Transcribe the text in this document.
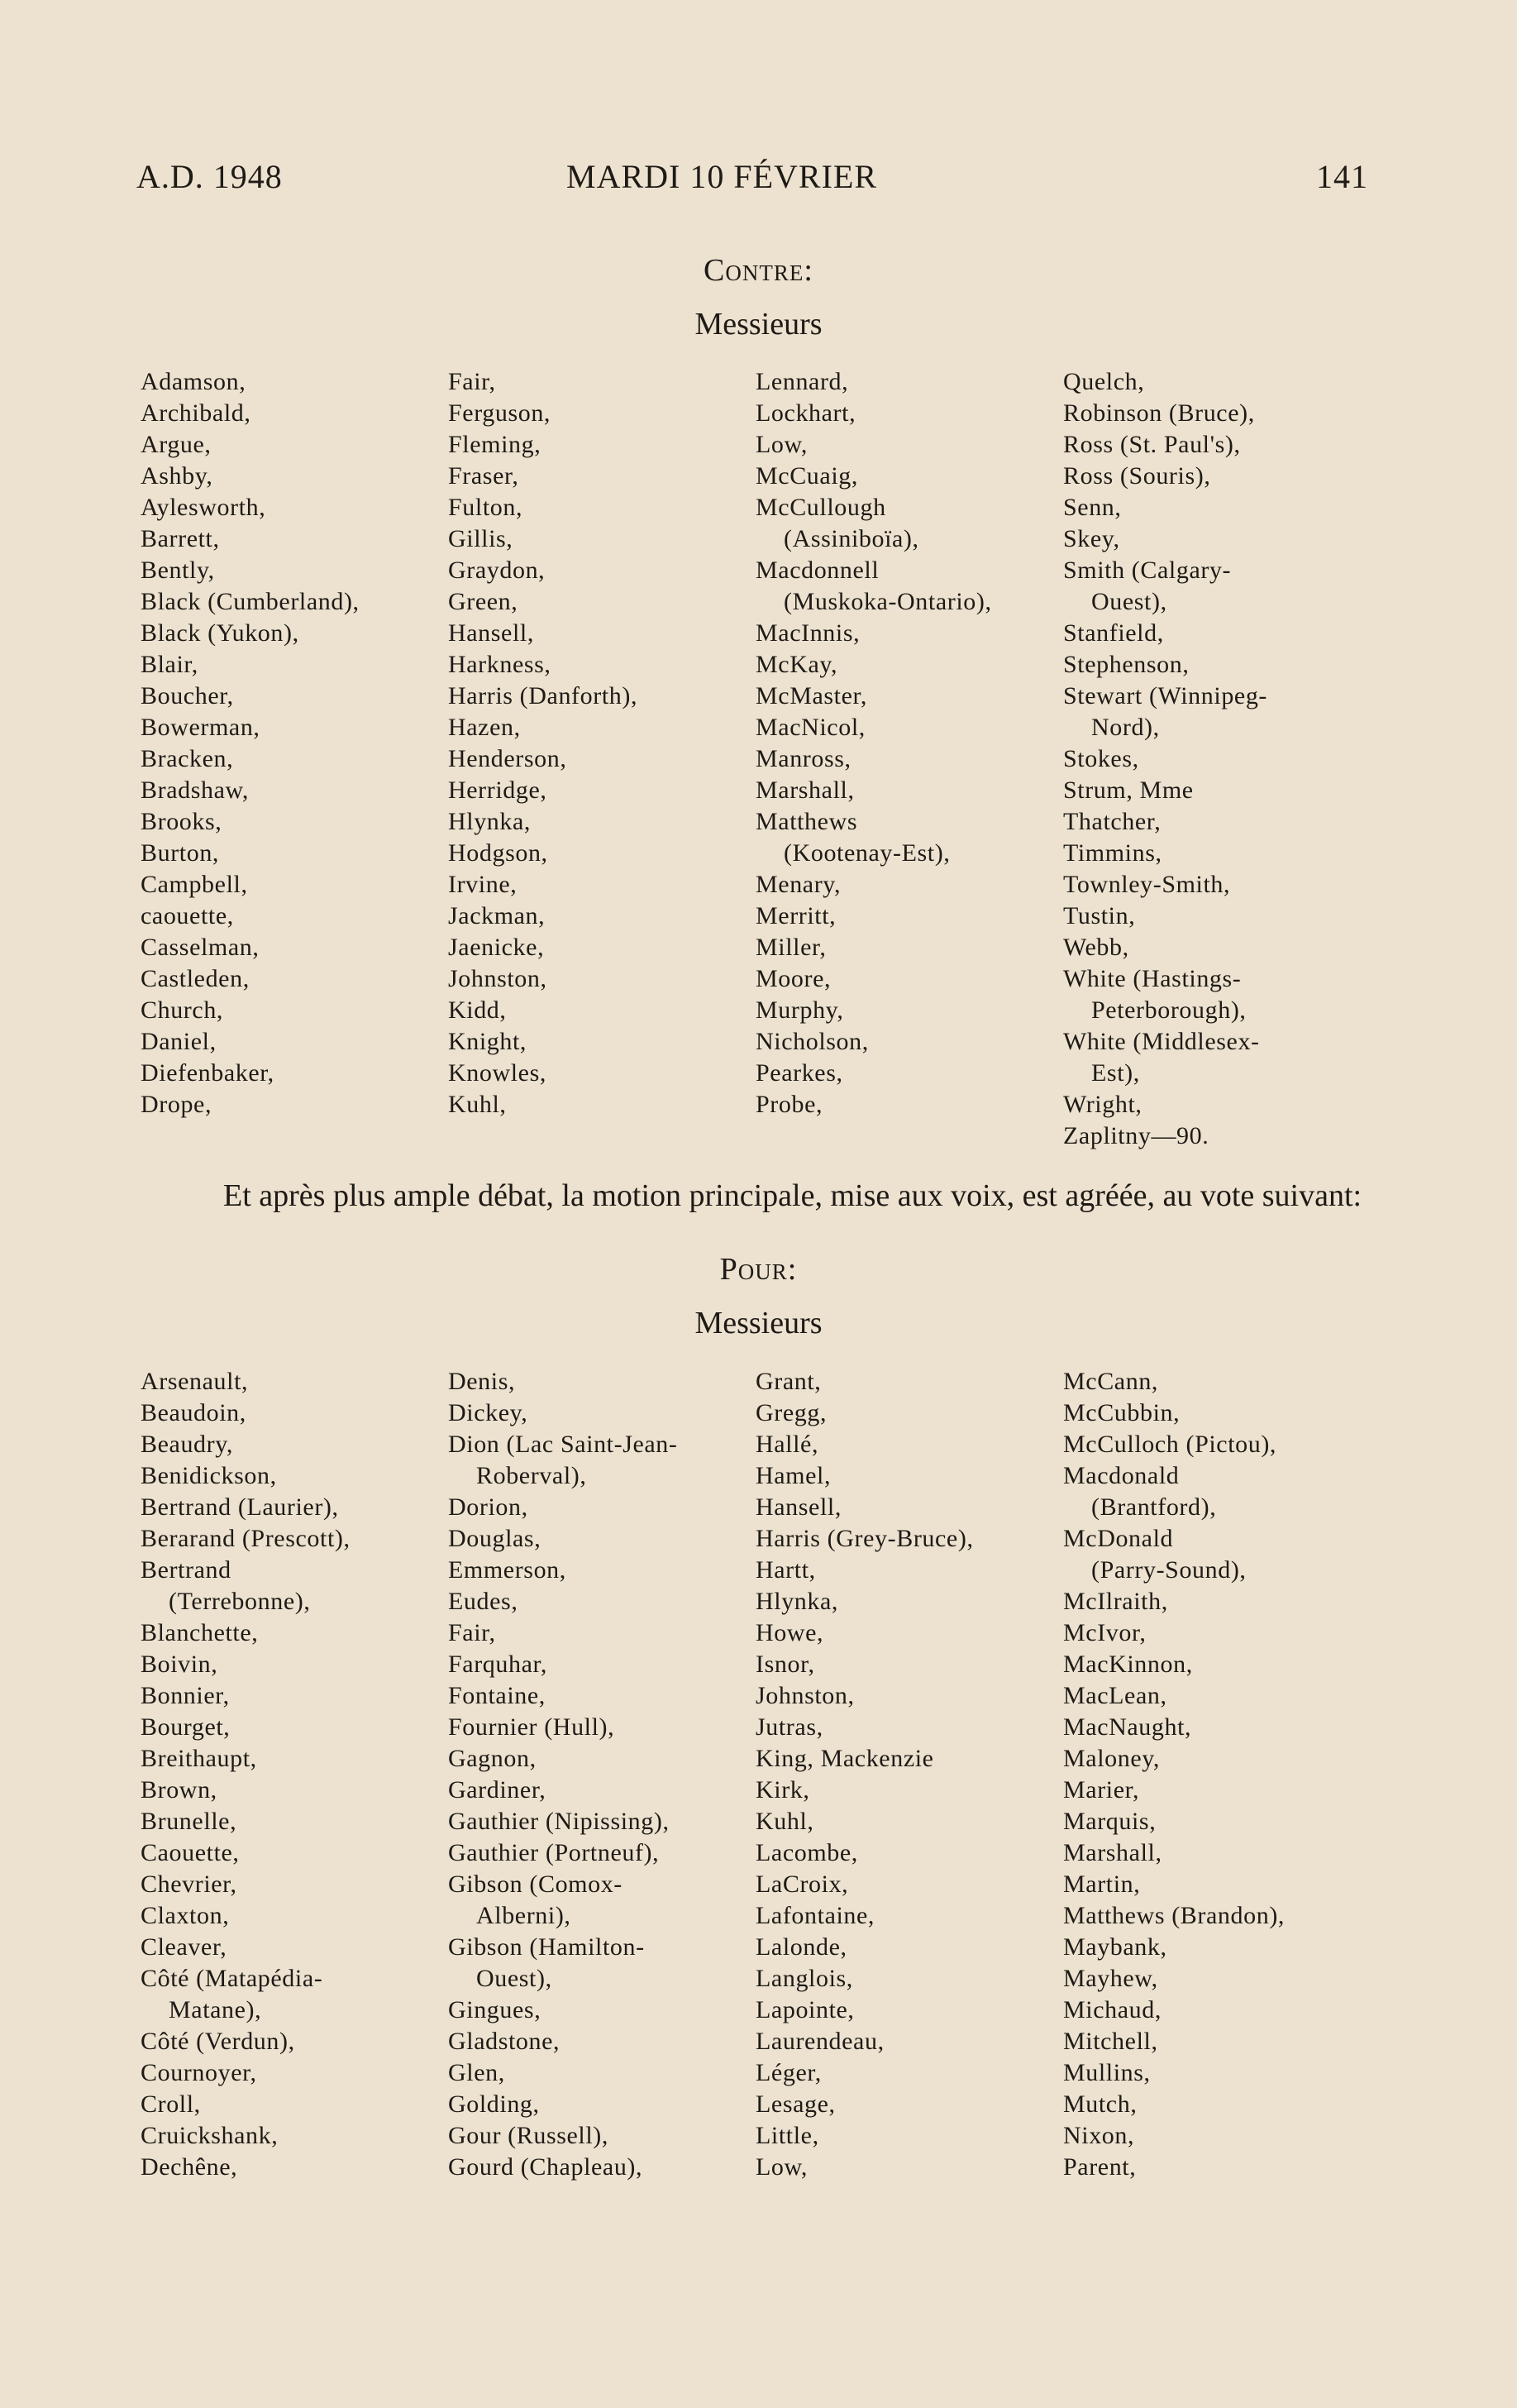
A.D. 1948	MARDI 10 FÉVRIER	141
Contre:
Messieurs
Adamson,
Archibald,
Argue,
Ashby,
Aylesworth,
Barrett,
Bently,
Black (Cumberland),
Black (Yukon),
Blair,
Boucher,
Bowerman,
Bracken,
Bradshaw,
Brooks,
Burton,
Campbell,
caouette,
Casselman,
Castleden,
Church,
Daniel,
Diefenbaker,
Drope,
Fair,
Ferguson,
Fleming,
Fraser,
Fulton,
Gillis,
Graydon,
Green,
Hansell,
Harkness,
Harris (Danforth),
Hazen,
Henderson,
Herridge,
Hlynka,
Hodgson,
Irvine,
Jackman,
Jaenicke,
Johnston,
Kidd,
Knight,
Knowles,
Kuhl,
Lennard,
Lockhart,
Low,
McCuaig,
McCullough
(Assiniboïa),
Macdonnell
(Muskoka-Ontario),
MacInnis,
McKay,
McMaster,
MacNicol,
Manross,
Marshall,
Matthews
(Kootenay-Est),
Menary,
Merritt,
Miller,
Moore,
Murphy,
Nicholson,
Pearkes,
Probe,
Quelch,
Robinson (Bruce),
Ross (St. Paul's),
Ross (Souris),
Senn,
Skey,
Smith (Calgary-
Ouest),
Stanfield,
Stephenson,
Stewart (Winnipeg-
Nord),
Stokes,
Strum, Mme
Thatcher,
Timmins,
Townley-Smith,
Tustin,
Webb,
White (Hastings-
Peterborough),
White (Middlesex-
Est),
Wright,
Zaplitny—90.
Et après plus ample débat, la motion principale, mise aux voix, est agréée, au vote suivant:
Pour:
Messieurs
Arsenault,
Beaudoin,
Beaudry,
Benidickson,
Bertrand (Laurier),
Berarand (Prescott),
Bertrand
(Terrebonne),
Blanchette,
Boivin,
Bonnier,
Bourget,
Breithaupt,
Brown,
Brunelle,
Caouette,
Chevrier,
Claxton,
Cleaver,
Côté (Matapédia-
Matane),
Côté (Verdun),
Cournoyer,
Croll,
Cruickshank,
Dechêne,
Denis,
Dickey,
Dion (Lac Saint-Jean-
Roberval),
Dorion,
Douglas,
Emmerson,
Eudes,
Fair,
Farquhar,
Fontaine,
Fournier (Hull),
Gagnon,
Gardiner,
Gauthier (Nipissing),
Gauthier (Portneuf),
Gibson (Comox-
Alberni),
Gibson (Hamilton-
Ouest),
Gingues,
Gladstone,
Glen,
Golding,
Gour (Russell),
Gourd (Chapleau),
Grant,
Gregg,
Hallé,
Hamel,
Hansell,
Harris (Grey-Bruce),
Hartt,
Hlynka,
Howe,
Isnor,
Johnston,
Jutras,
King, Mackenzie
Kirk,
Kuhl,
Lacombe,
LaCroix,
Lafontaine,
Lalonde,
Langlois,
Lapointe,
Laurendeau,
Léger,
Lesage,
Little,
Low,
McCann,
McCubbin,
McCulloch (Pictou),
Macdonald
(Brantford),
McDonald
(Parry-Sound),
McIlraith,
McIvor,
MacKinnon,
MacLean,
MacNaught,
Maloney,
Marier,
Marquis,
Marshall,
Martin,
Matthews (Brandon),
Maybank,
Mayhew,
Michaud,
Mitchell,
Mullins,
Mutch,
Nixon,
Parent,
